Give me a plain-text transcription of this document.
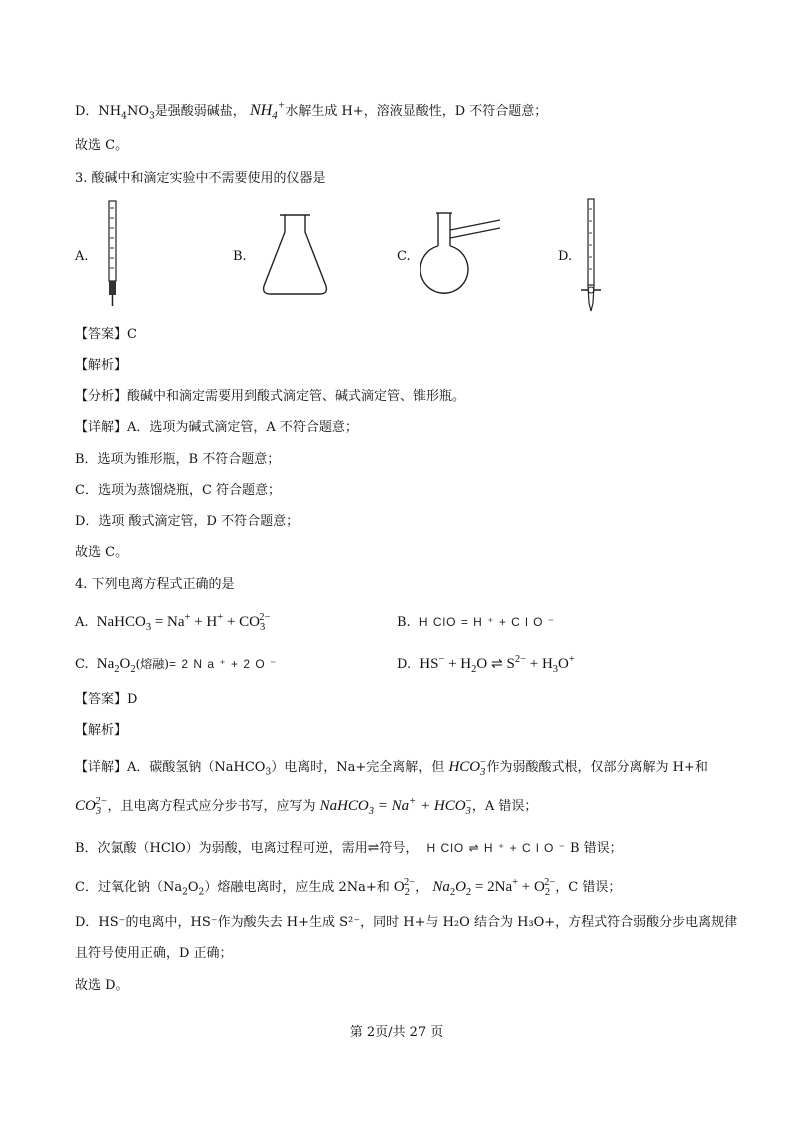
D．$NH_4NO_3$是强酸弱碱盐， $NH_4^+$水解生成 H+，溶液显酸性，D 不符合题意；
故选 C。
3. 酸碱中和滴定实验中不需要使用的仪器是
A.	B.	C.	D.
【答案】C
【解析】
【分析】酸碱中和滴定需要用到酸式滴定管、碱式滴定管、锥形瓶。
【详解】A．选项为碱式滴定管，A 不符合题意；
B．选项为锥形瓶，B 不符合题意；
C．选项为蒸馏烧瓶，C 符合题意；
D．选项 酸式滴定管，D 不符合题意；
故选 C。
4. 下列电离方程式正确的是
A. NaHCO$_3$ = $Na^+ + H^+ + CO_3^{2-}$	B. H ClO = H ⁺ + C l O ⁻
C. $Na_2O_2$(熔融)= 2 N a ⁺ + 2 O ⁻	D. $HS^- + H_2O$ ⇌ $S^{2-} + H_3O^+$
【答案】D
【解析】
【详解】A．碳酸氢钠（NaHCO$_3$）电离时，Na+完全离解，但 $HCO_3^-$作为弱酸酸式根，仅部分离解为 H+和
$CO_3^{2-}$，且电离方程式应分步书写，应写为 NaHCO$_3$ = $Na^+ + HCO_3^-$，A 错误；
B．次氯酸（HClO）为弱酸，电离过程可逆，需用⇌符号， H ClO ⇌ H ⁺ + C l O ⁻ B 错误；
C．过氧化钠$(Na_2O_2)$熔融电离时，应生成 2Na+和 $O_2^{2-}$， $Na_2O_2 = 2Na^+ + O_2^{2-}$，C 错误；
D．HS⁻的电离中，HS⁻作为酸失去 H+生成 S²⁻，同时 H+与 H₂O 结合为 H₃O+，方程式符合弱酸分步电离规律
且符号使用正确，D 正确；
故选 D。
第 2页/共 27 页
